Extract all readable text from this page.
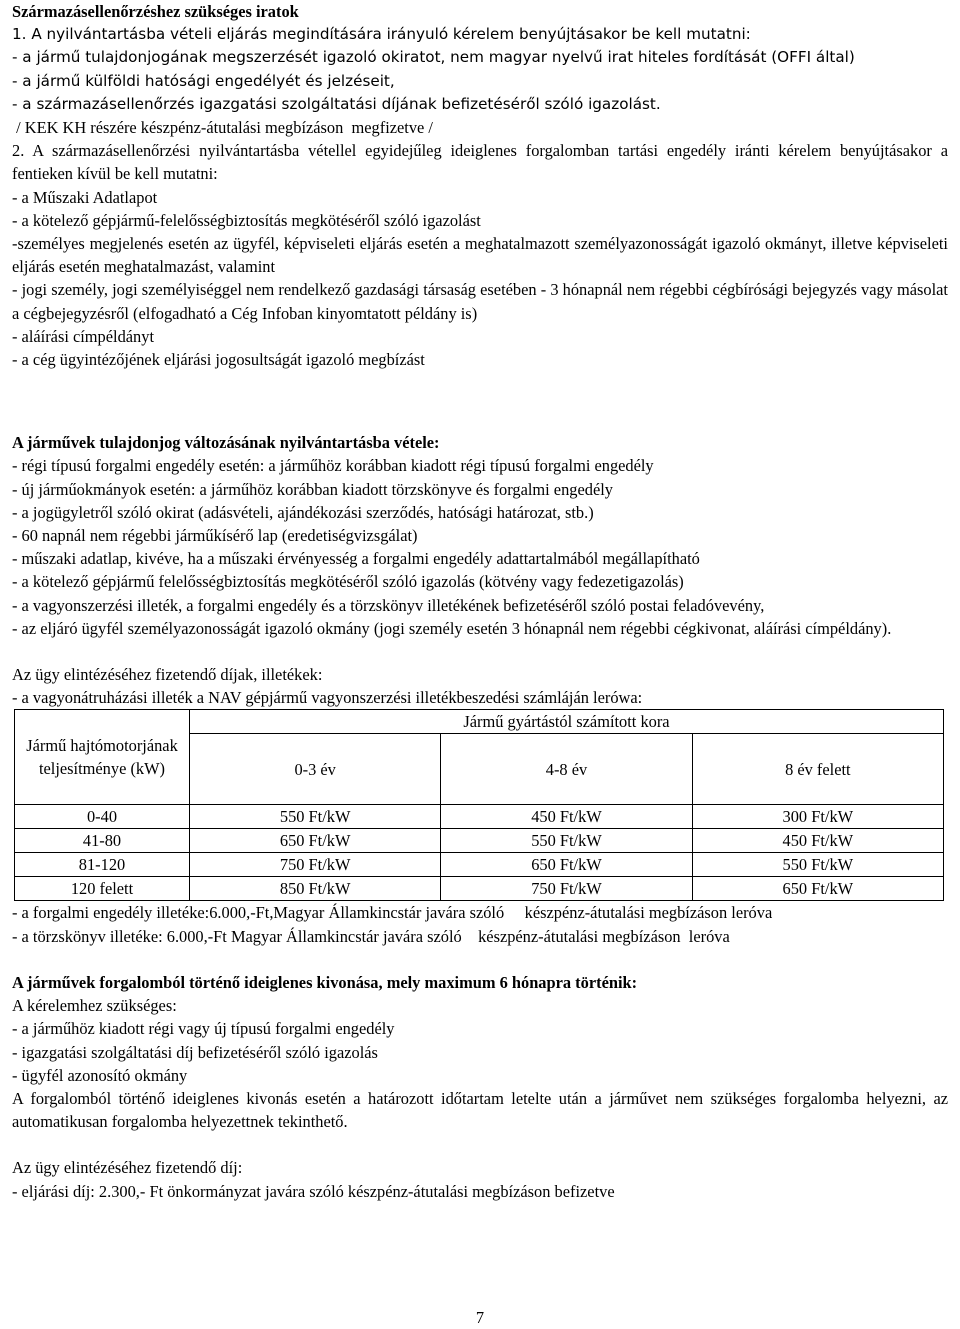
Származásellenőrzéshez szükséges iratok

1. A nyilvántartásba vételi eljárás megindítására irányuló kérelem benyújtásakor be kell mutatni:

- a jármű tulajdonjogának megszerzését igazoló okiratot, nem magyar nyelvű irat hiteles fordítását (OFFI által)

- a jármű külföldi hatósági engedélyét és jelzéseit,

- a származásellenőrzés igazgatási szolgáltatási díjának befizetéséről szóló igazolást.

/ KEK KH részére készpénz-átutalási megbízáson  megfizetve /

2. A származásellenőrzési nyilvántartásba vétellel egyidejűleg ideiglenes forgalomban tartási engedély iránti kérelem benyújtásakor a fentieken kívül be kell mutatni:

- a Műszaki Adatlapot

- a kötelező gépjármű-felelősségbiztosítás megkötéséről szóló igazolást

-személyes megjelenés esetén az ügyfél, képviseleti eljárás esetén a meghatalmazott személyazonosságát igazoló okmányt, illetve képviseleti eljárás esetén meghatalmazást, valamint

- jogi személy, jogi személyiséggel nem rendelkező gazdasági társaság esetében - 3 hónapnál nem régebbi cégbírósági bejegyzés vagy másolat a cégbejegyzésről (elfogadható a Cég Infoban kinyomtatott példány is)

- aláírási címpéldányt

- a cég ügyintézőjének eljárási jogosultságát igazoló megbízást

A járművek tulajdonjog változásának nyilvántartásba vétele:

- régi típusú forgalmi engedély esetén: a járműhöz korábban kiadott régi típusú forgalmi engedély

- új járműokmányok esetén: a járműhöz korábban kiadott törzskönyve és forgalmi engedély

- a jogügyletről szóló okirat (adásvételi, ajándékozási szerződés, hatósági határozat, stb.)

- 60 napnál nem régebbi járműkísérő lap (eredetiségvizsgálat)

- műszaki adatlap, kivéve, ha a műszaki érvényesség a forgalmi engedély adattartalmából megállapítható

- a kötelező gépjármű felelősségbiztosítás megkötéséről szóló igazolás (kötvény vagy fedezetigazolás)

- a vagyonszerzési illeték, a forgalmi engedély és a törzskönyv illetékének befizetéséről szóló postai feladóvevény,

- az eljáró ügyfél személyazonosságát igazoló okmány (jogi személy esetén 3 hónapnál nem régebbi cégkivonat, aláírási címpéldány).

Az ügy elintézéséhez fizetendő díjak, illetékek:

- a vagyonátruházási illeték a NAV gépjármű vagyonszerzési illetékbeszedési számláján lerówa:

Jármű hajtómotorjának teljesítménye (kW)	Jármű gyártástól számított kora		
	0-3 év	4-8 év	8 év felett
0-40	550 Ft/kW	450 Ft/kW	300 Ft/kW
41-80	650 Ft/kW	550 Ft/kW	450 Ft/kW
81-120	750 Ft/kW	650 Ft/kW	550 Ft/kW
120 felett	850 Ft/kW	750 Ft/kW	650 Ft/kW

- a forgalmi engedély illetéke:6.000,-Ft,Magyar Államkincstár javára szóló     készpénz-átutalási megbízáson leróva

- a törzskönyv illetéke: 6.000,-Ft Magyar Államkincstár javára szóló    készpénz-átutalási megbízáson  leróva

A járművek forgalomból történő ideiglenes kivonása, mely maximum 6 hónapra történik:

A kérelemhez szükséges:

- a járműhöz kiadott régi vagy új típusú forgalmi engedély

- igazgatási szolgáltatási díj befizetéséről szóló igazolás

- ügyfél azonosító okmány

A forgalomból történő ideiglenes kivonás esetén a határozott időtartam letelte után a járművet nem szükséges forgalomba helyezni, az automatikusan forgalomba helyezettnek tekinthető.

Az ügy elintézéséhez fizetendő díj:

- eljárási díj: 2.300,- Ft önkormányzat javára szóló készpénz-átutalási megbízáson befizetve

7
